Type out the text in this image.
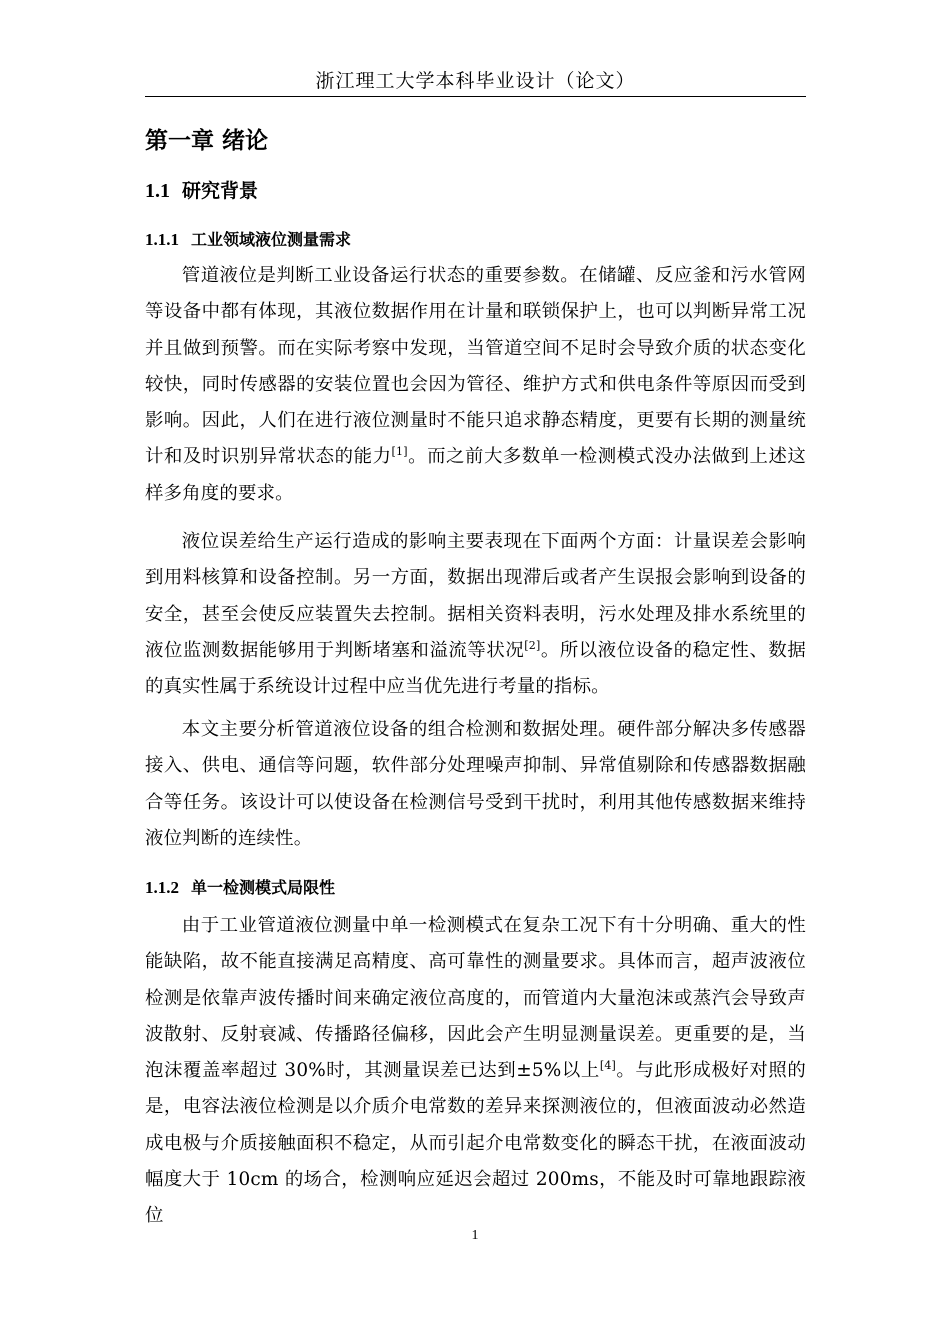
浙江理工大学本科毕业设计（论文）
第一章 绪论
1.1 研究背景
1.1.1 工业领域液位测量需求

管道液位是判断工业设备运行状态的重要参数。在储罐、反应釜和污水管网等设备中都有体现，其液位数据作用在计量和联锁保护上，也可以判断异常工况并且做到预警。而在实际考察中发现，当管道空间不足时会导致介质的状态变化较快，同时传感器的安装位置也会因为管径、维护方式和供电条件等原因而受到影响。因此，人们在进行液位测量时不能只追求静态精度，更要有长期的测量统计和及时识别异常状态的能力[1]。而之前大多数单一检测模式没办法做到上述这样多角度的要求。

液位误差给生产运行造成的影响主要表现在下面两个方面：计量误差会影响到用料核算和设备控制。另一方面，数据出现滞后或者产生误报会影响到设备的安全，甚至会使反应装置失去控制。据相关资料表明，污水处理及排水系统里的液位监测数据能够用于判断堵塞和溢流等状况[2]。所以液位设备的稳定性、数据的真实性属于系统设计过程中应当优先进行考量的指标。

本文主要分析管道液位设备的组合检测和数据处理。硬件部分解决多传感器接入、供电、通信等问题，软件部分处理噪声抑制、异常值剔除和传感器数据融合等任务。该设计可以使设备在检测信号受到干扰时，利用其他传感数据来维持液位判断的连续性。

1.1.2 单一检测模式局限性

由于工业管道液位测量中单一检测模式在复杂工况下有十分明确、重大的性能缺陷，故不能直接满足高精度、高可靠性的测量要求。具体而言，超声波液位检测是依靠声波传播时间来确定液位高度的，而管道内大量泡沫或蒸汽会导致声波散射、反射衰减、传播路径偏移，因此会产生明显测量误差。更重要的是，当泡沫覆盖率超过 30%时，其测量误差已达到±5%以上[4]。与此形成极好对照的是，电容法液位检测是以介质介电常数的差异来探测液位的，但液面波动必然造成电极与介质接触面积不稳定，从而引起介电常数变化的瞬态干扰，在液面波动幅度大于 10cm 的场合，检测响应延迟会超过 200ms，不能及时可靠地跟踪液位

1
